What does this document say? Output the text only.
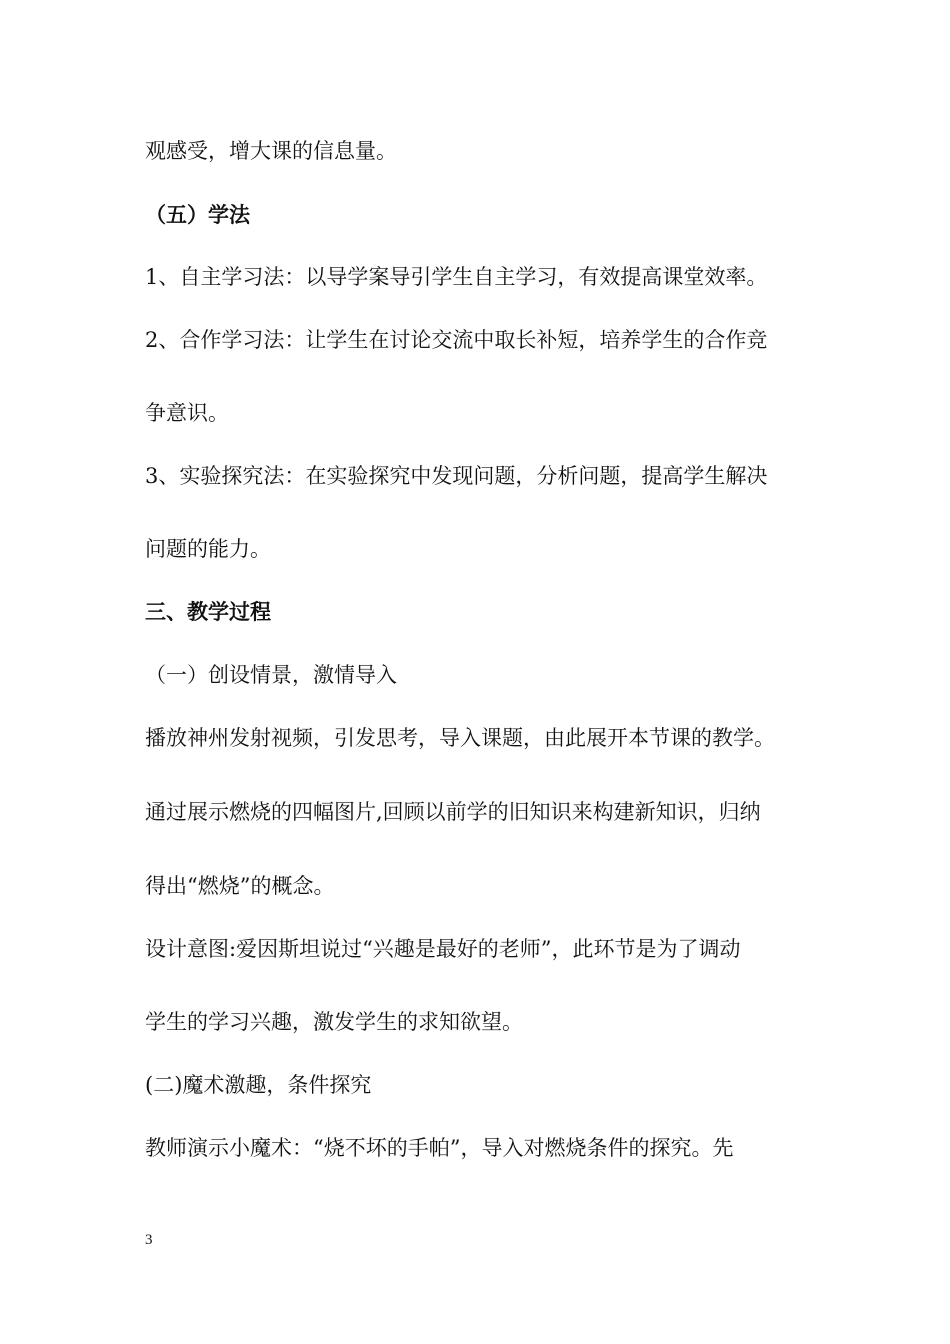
观感受，增大课的信息量。
（五）学法
1、自主学习法：以导学案导引学生自主学习，有效提高课堂效率。
2、合作学习法：让学生在讨论交流中取长补短，培养学生的合作竞
争意识。
3、实验探究法：在实验探究中发现问题，分析问题，提高学生解决
问题的能力。
三、教学过程
（一）创设情景，激情导入
播放神州发射视频，引发思考，导入课题，由此展开本节课的教学。
通过展示燃烧的四幅图片,回顾以前学的旧知识来构建新知识，归纳
得出“燃烧”的概念。
设计意图:爱因斯坦说过“兴趣是最好的老师”，此环节是为了调动
学生的学习兴趣，激发学生的求知欲望。
(二)魔术激趣，条件探究
教师演示小魔术：“烧不坏的手帕”，导入对燃烧条件的探究。先
3
